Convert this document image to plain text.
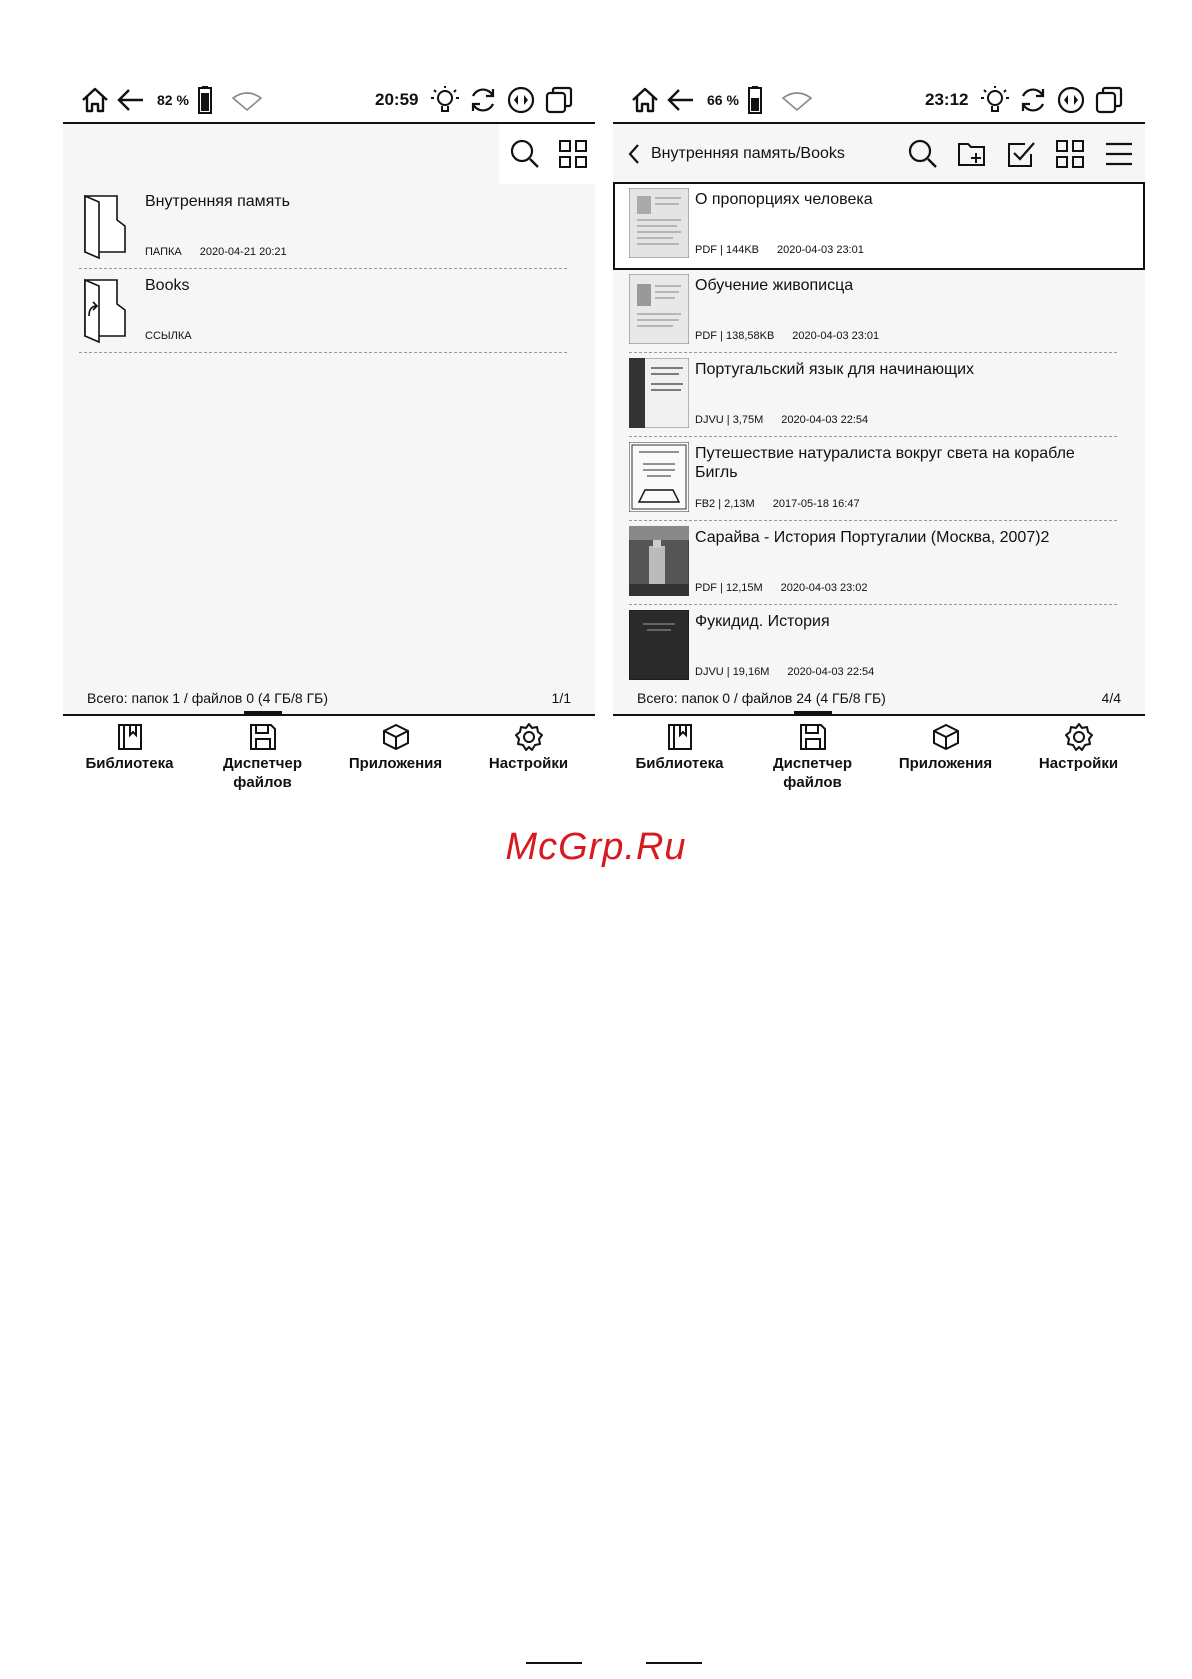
82 %	20:59
Внутренняя память
ПАПКА 2020-04-21 20:21
Books
ССЫЛКА
Всего: папок 1 / файлов 0 (4 ГБ/8 ГБ)	1/1
Библиотека	Диспетчер файлов
Приложения	Настройки
66 %	23:12
Внутренняя память/Books
О пропорциях человека
PDF | 144KB 2020-04-03 23:01
Обучение живописца
PDF | 138,58KB 2020-04-03 23:01
Португальский язык для начинающих
DJVU | 3,75M 2020-04-03 22:54
Путешествие натуралиста вокруг света на корабле Бигль
FB2 | 2,13M 2017-05-18 16:47
Сарайва - История Португалии (Москва, 2007)2
PDF | 12,15M 2020-04-03 23:02
Фукидид. История
DJVU | 19,16M 2020-04-03 22:54
Всего: папок 0 / файлов 24 (4 ГБ/8 ГБ)	4/4
Библиотека	Диспетчер файлов
Приложения	Настройки
McGrp.Ru
